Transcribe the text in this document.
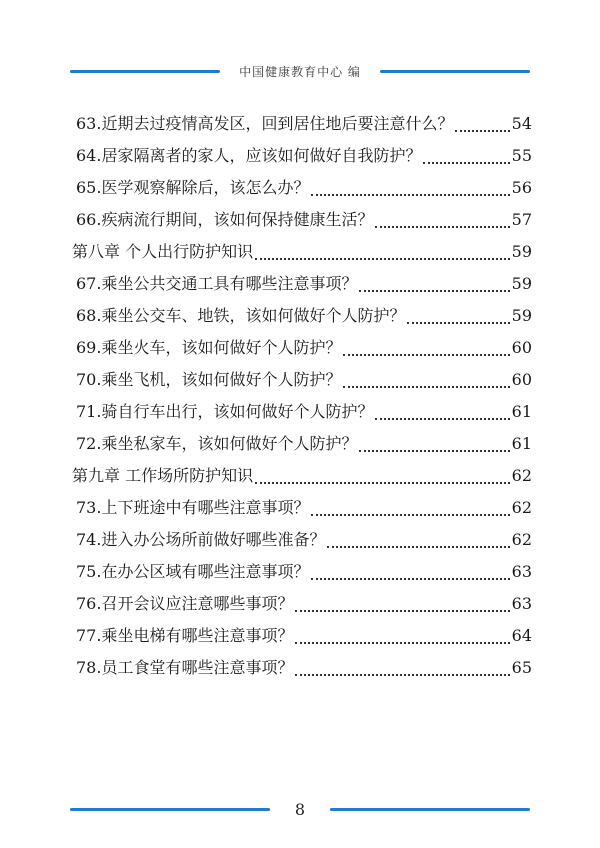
中国健康教育中心 编
63.近期去过疫情高发区，回到居住地后要注意什么？	54
64.居家隔离者的家人，应该如何做好自我防护？	55
65.医学观察解除后，该怎么办？	56
66.疾病流行期间，该如何保持健康生活？	57
第八章 个人出行防护知识	59
67.乘坐公共交通工具有哪些注意事项？	59
68.乘坐公交车、地铁，该如何做好个人防护？	59
69.乘坐火车，该如何做好个人防护？	60
70.乘坐飞机，该如何做好个人防护？	60
71.骑自行车出行，该如何做好个人防护？	61
72.乘坐私家车，该如何做好个人防护？	61
第九章 工作场所防护知识	62
73.上下班途中有哪些注意事项？	62
74.进入办公场所前做好哪些准备？	62
75.在办公区域有哪些注意事项？	63
76.召开会议应注意哪些事项？	63
77.乘坐电梯有哪些注意事项？	64
78.员工食堂有哪些注意事项？	65
8
